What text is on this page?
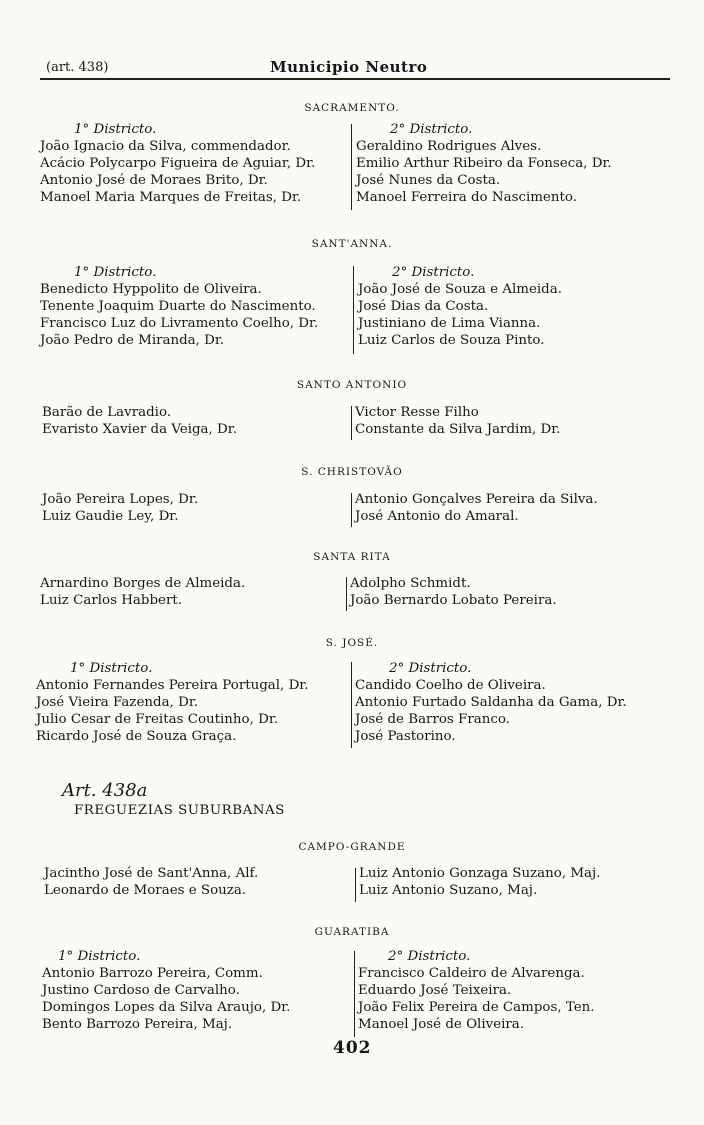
(art. 438)	Municipio Neutro
SACRAMENTO.
1° Districto.
João Ignacio da Silva, commendador.
Acácio Polycarpo Figueira de Aguiar, Dr.
Antonio José de Moraes Brito, Dr.
Manoel Maria Marques de Freitas, Dr.
2° Districto.
Geraldino Rodrigues Alves.
Emilio Arthur Ribeiro da Fonseca, Dr.
José Nunes da Costa.
Manoel Ferreira do Nascimento.
SANT'ANNA.
1° Districto.
Benedicto Hyppolito de Oliveira.
Tenente Joaquim Duarte do Nascimento.
Francisco Luz do Livramento Coelho, Dr.
João Pedro de Miranda, Dr.
2° Districto.
João José de Souza e Almeida.
José Dias da Costa.
Justiniano de Lima Vianna.
Luiz Carlos de Souza Pinto.
SANTO ANTONIO
Barão de Lavradio.
Evaristo Xavier da Veiga, Dr.
Victor Resse Filho
Constante da Silva Jardim, Dr.
S. CHRISTOVÃO
João Pereira Lopes, Dr.
Luiz Gaudie Ley, Dr.
Antonio Gonçalves Pereira da Silva.
José Antonio do Amaral.
SANTA RITA
Arnardino Borges de Almeida.
Luiz Carlos Habbert.
Adolpho Schmidt.
João Bernardo Lobato Pereira.
S. JOSÉ.
1° Districto.
Antonio Fernandes Pereira Portugal, Dr.
José Vieira Fazenda, Dr.
Julio Cesar de Freitas Coutinho, Dr.
Ricardo José de Souza Graça.
2° Districto.
Candido Coelho de Oliveira.
Antonio Furtado Saldanha da Gama, Dr.
José de Barros Franco.
José Pastorino.
Art. 438a
FREGUEZIAS SUBURBANAS
CAMPO-GRANDE
Jacintho José de Sant'Anna, Alf.
Leonardo de Moraes e Souza.
Luiz Antonio Gonzaga Suzano, Maj.
Luiz Antonio Suzano, Maj.
GUARATIBA
1° Districto.
Antonio Barrozo Pereira, Comm.
Justino Cardoso de Carvalho.
Domingos Lopes da Silva Araujo, Dr.
Bento Barrozo Pereira, Maj.
2° Districto.
Francisco Caldeiro de Alvarenga.
Eduardo José Teixeira.
João Felix Pereira de Campos, Ten.
Manoel José de Oliveira.
402
